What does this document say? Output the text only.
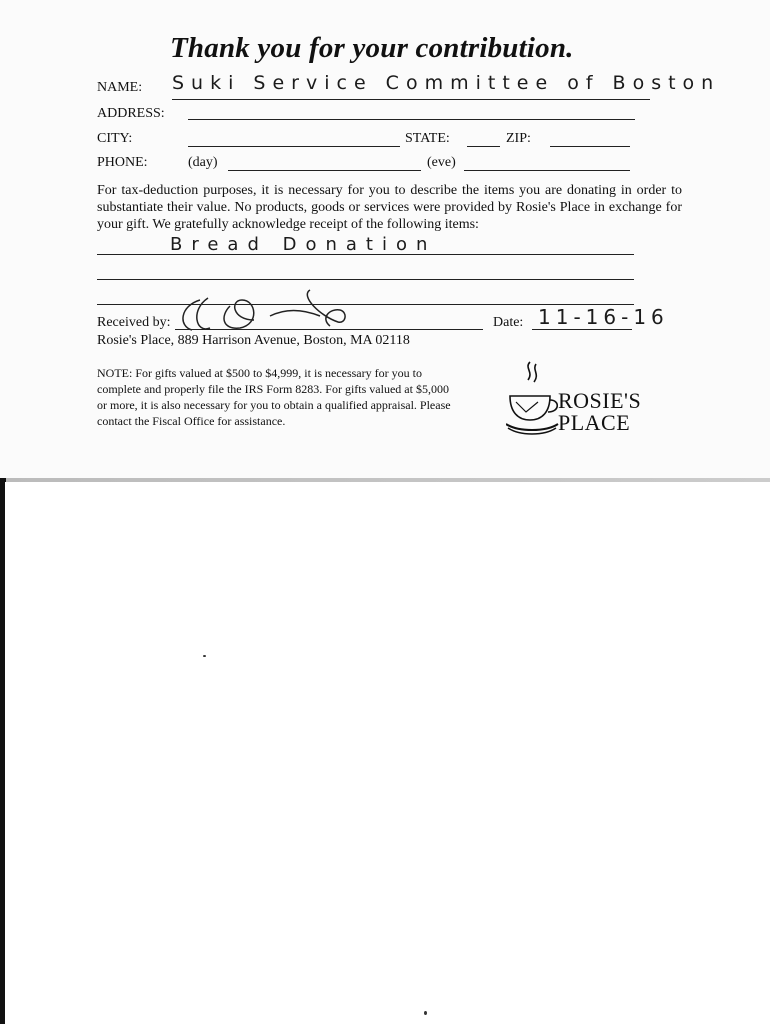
Thank you for your contribution.
NAME: Suki Service Committee of Boston
ADDRESS:
CITY:	STATE:	ZIP:
PHONE:	(day)	(eve)
For tax-deduction purposes, it is necessary for you to describe the items you are donating in order to substantiate their value. No products, goods or services were provided by Rosie's Place in exchange for your gift. We gratefully acknowledge receipt of the following items:
Bread Donation
Received by:	Date: 11-16-16
Rosie's Place, 889 Harrison Avenue, Boston, MA 02118
NOTE: For gifts valued at $500 to $4,999, it is necessary for you to complete and properly file the IRS Form 8283. For gifts valued at $5,000 or more, it is also necessary for you to obtain a qualified appraisal. Please contact the Fiscal Office for assistance.
ROSIE'S
PLACE
